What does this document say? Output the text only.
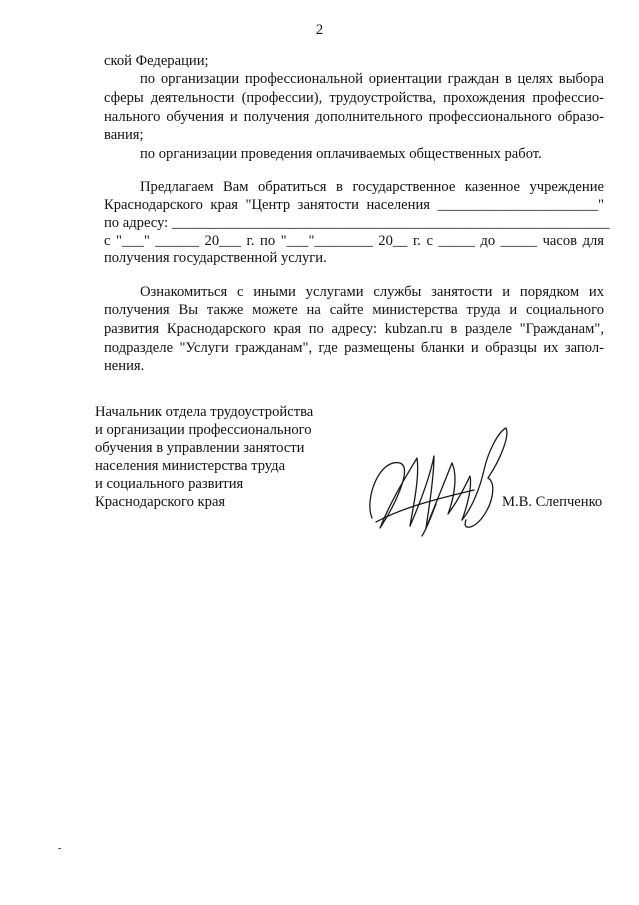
2
ской Федерации;
по организации профессиональной ориентации граждан в целях выбора
сферы деятельности (профессии), трудоустройства, прохождения профессио-
нального обучения и получения дополнительного профессионального образо-
вания;
по организации проведения оплачиваемых общественных работ.
Предлагаем Вам обратиться в государственное казенное учреждение
Краснодарского края "Центр занятости населения ______________________"
по адресу: ____________________________________________________________
с "___" ______ 20___ г. по "___"________ 20__ г. с _____ до _____ часов для
получения государственной услуги.
Ознакомиться с иными услугами службы занятости и порядком их
получения Вы также можете на сайте министерства труда и социального
развития Краснодарского края по адресу: kubzan.ru в разделе "Гражданам",
подразделе "Услуги гражданам", где размещены бланки и образцы их запол-
нения.
Начальник отдела трудоустройства
и организации профессионального
обучения в управлении занятости
населения министерства труда
и социального развития
Краснодарского края	М.В. Слепченко
-
